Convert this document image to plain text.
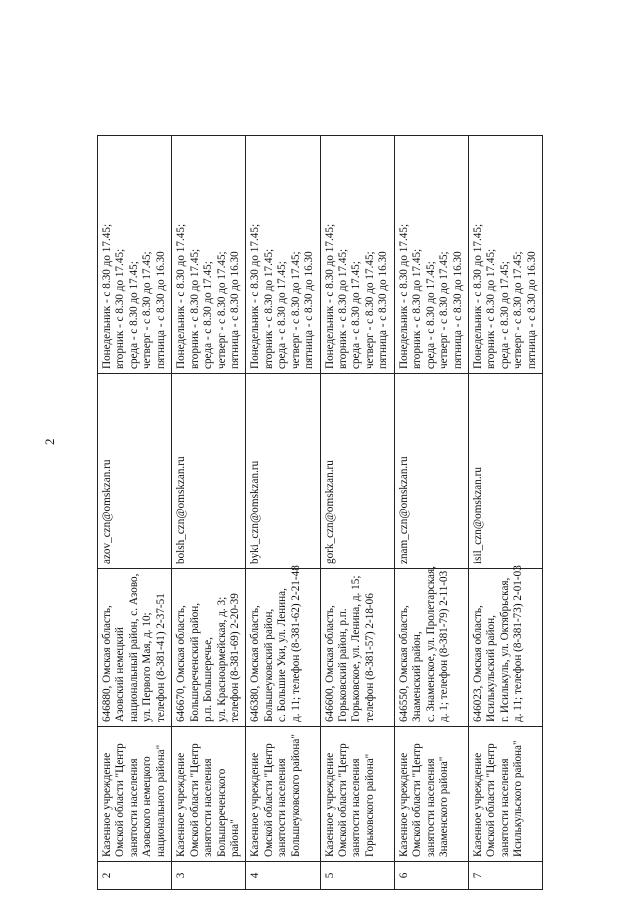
2
2	Казенное учреждение Омской области "Центр занятости населения Азовского немецкого национального района"	646880, Омская область, Азовский немецкий национальный район, с. Азово, ул. Первого Мая, д. 10; телефон (8-381-41) 2-37-51	azov_czn@omskzan.ru	Понедельник - с 8.30 до 17.45; вторник - с 8.30 до 17.45; среда - с 8.30 до 17.45; четверг - с 8.30 до 17.45; пятница - с 8.30 до 16.30

3	Казенное учреждение Омской области "Центр занятости населения Большереченского района"	646670, Омская область, Большереченский район, р.п. Большеречье, ул. Красноармейская, д. 3; телефон (8-381-69) 2-20-39	bolsh_czn@omskzan.ru	Понедельник - с 8.30 до 17.45; вторник - с 8.30 до 17.45; среда - с 8.30 до 17.45; четверг - с 8.30 до 17.45; пятница - с 8.30 до 16.30

4	Казенное учреждение Омской области "Центр занятости населения Большеуковского района"	646380, Омская область, Большеуковский район, с. Большие Уки, ул. Ленина, д. 11; телефон (8-381-62) 2-21-48	byki_czn@omskzan.ru	Понедельник - с 8.30 до 17.45; вторник - с 8.30 до 17.45; среда - с 8.30 до 17.45; четверг - с 8.30 до 17.45; пятница - с 8.30 до 16.30

5	Казенное учреждение Омской области "Центр занятости населения Горьковского района"	646600, Омская область, Горьковский район, р.п. Горьковское, ул. Ленина, д. 15; телефон (8-381-57) 2-18-06	gork_czn@omskzan.ru	Понедельник - с 8.30 до 17.45; вторник - с 8.30 до 17.45; среда - с 8.30 до 17.45; четверг - с 8.30 до 17.45; пятница - с 8.30 до 16.30

6	Казенное учреждение Омской области "Центр занятости населения Знаменского района"	646550, Омская область, Знаменский район, с. Знаменское, ул. Пролетарская, д. 1; телефон (8-381-79) 2-11-03	znam_czn@omskzan.ru	Понедельник - с 8.30 до 17.45; вторник - с 8.30 до 17.45; среда - с 8.30 до 17.45; четверг - с 8.30 до 17.45; пятница - с 8.30 до 16.30

7	Казенное учреждение Омской области "Центр занятости населения Исилькульского района"	646023, Омская область, Исилькульский район, г. Исилькуль, ул. Октябрьская, д. 11; телефон (8-381-73) 2-01-03	isil_czn@omskzan.ru	Понедельник - с 8.30 до 17.45; вторник - с 8.30 до 17.45; среда - с 8.30 до 17.45; четверг - с 8.30 до 17.45; пятница - с 8.30 до 16.30
